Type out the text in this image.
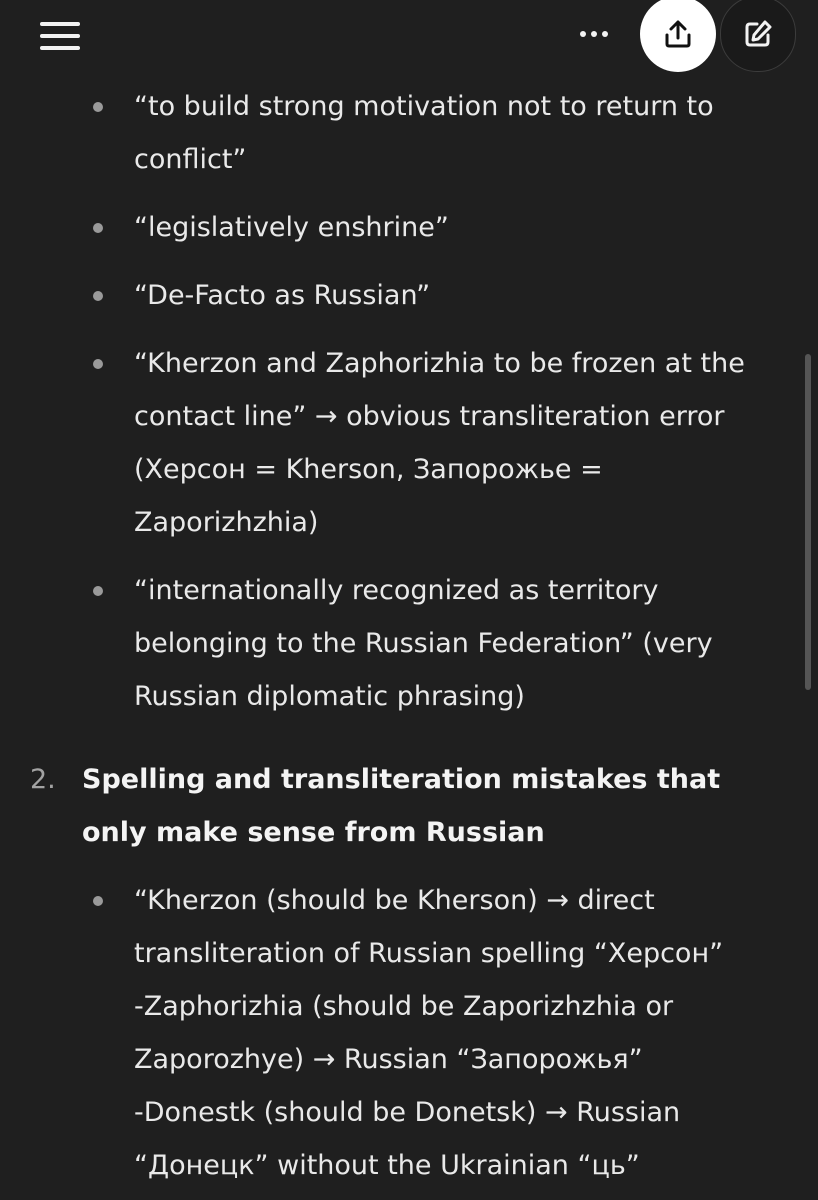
“to build strong motivation not to return to conflict”

“legislatively enshrine”

“De-Facto as Russian”

“Kherzon and Zaphorizhia to be frozen at the contact line” → obvious transliteration error (Херсон = Kherson, Запорожье = Zaporizhzhia)

“internationally recognized as territory belonging to the Russian Federation” (very Russian diplomatic phrasing)

2. Spelling and transliteration mistakes that only make sense from Russian

“Kherzon (should be Kherson) → direct transliteration of Russian spelling “Херсон”
-Zaphorizhia (should be Zaporizhzhia or Zaporozhye) → Russian “Запорожья”
-Donestk (should be Donetsk) → Russian “Донецк” without the Ukrainian “ць”
